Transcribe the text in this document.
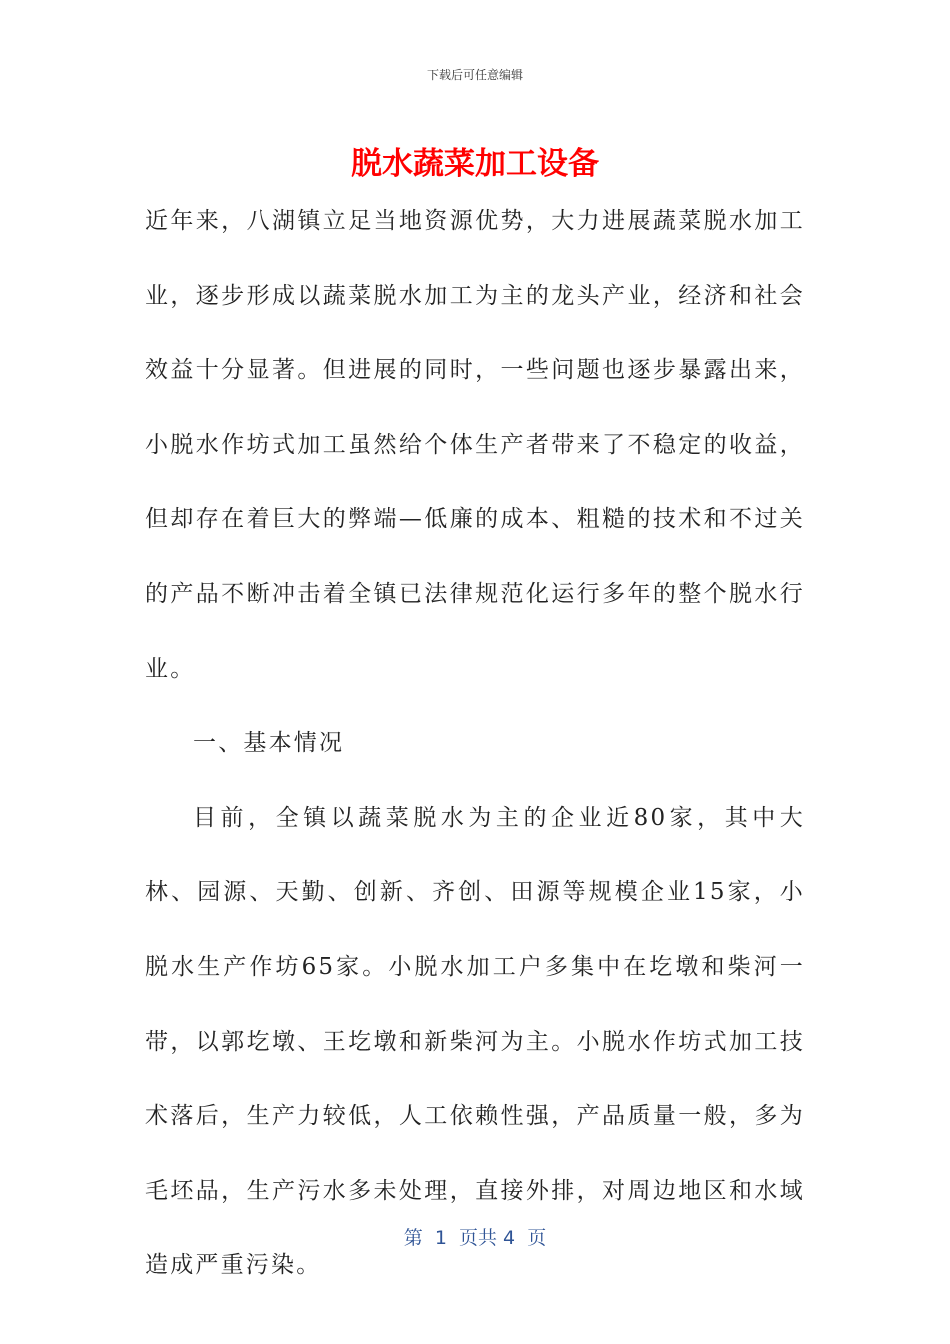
下载后可任意编辑
脱水蔬菜加工设备

近年来，八湖镇立足当地资源优势，大力进展蔬菜脱水加工业，逐步形成以蔬菜脱水加工为主的龙头产业，经济和社会效益十分显著。但进展的同时，一些问题也逐步暴露出来，小脱水作坊式加工虽然给个体生产者带来了不稳定的收益，但却存在着巨大的弊端—低廉的成本、粗糙的技术和不过关的产品不断冲击着全镇已法律规范化运行多年的整个脱水行业。

一、基本情况

目前，全镇以蔬菜脱水为主的企业近80家，其中大林、园源、天勤、创新、齐创、田源等规模企业15家，小脱水生产作坊65家。小脱水加工户多集中在圪墩和柴河一带，以郭圪墩、王圪墩和新柴河为主。小脱水作坊式加工技术落后，生产力较低，人工依赖性强，产品质量一般，多为毛坯品，生产污水多未处理，直接外排，对周边地区和水域造成严重污染。

第  1  页共 4  页
